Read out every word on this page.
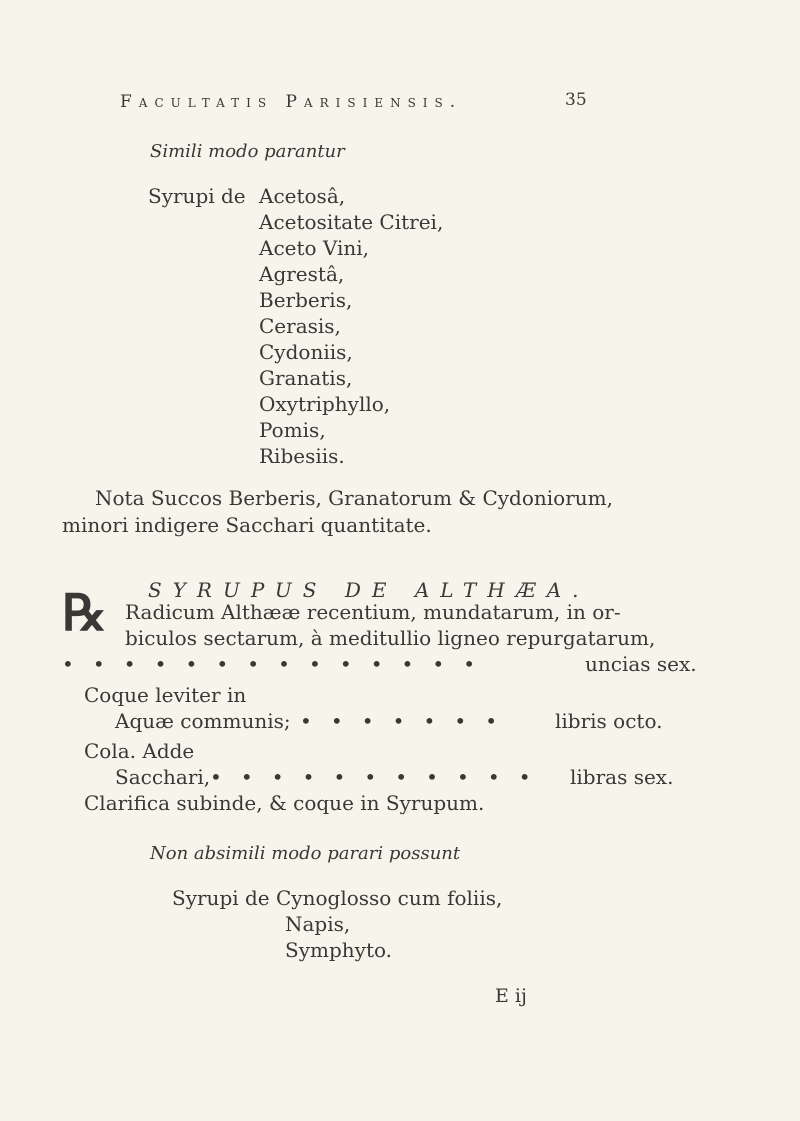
Facultatis Parisiensis.	35
Simili modo parantur
Syrupi de Acetosâ,
Acetositate Citrei,
Aceto Vini,
Agrestâ,
Berberis,
Cerasis,
Cydoniis,
Granatis,
Oxytriphyllo,
Pomis,
Ribesiis.
Nota Succos Berberis, Granatorum & Cydoniorum,
minori indigere Sacchari quantitate.
SYRUPUS DE ALTHÆA.
℞ Radicum Althææ recentium, mundatarum, in or-
biculos sectarum, à meditullio ligneo repurgatarum,
•   •   •   •   •   •   •   •   •   •   •   •   •   •	uncias sex.
Coque leviter in
Aquæ communis; •   •   •   •   •   •   •	libris octo.
Cola. Adde
Sacchari, •   •   •   •   •   •   •   •   •   •   • libras sex.
Clarifica subinde, & coque in Syrupum.
Non absimili modo parari possunt
Syrupi de Cynoglosso cum foliis,
Napis,
Symphyto.
E ij
